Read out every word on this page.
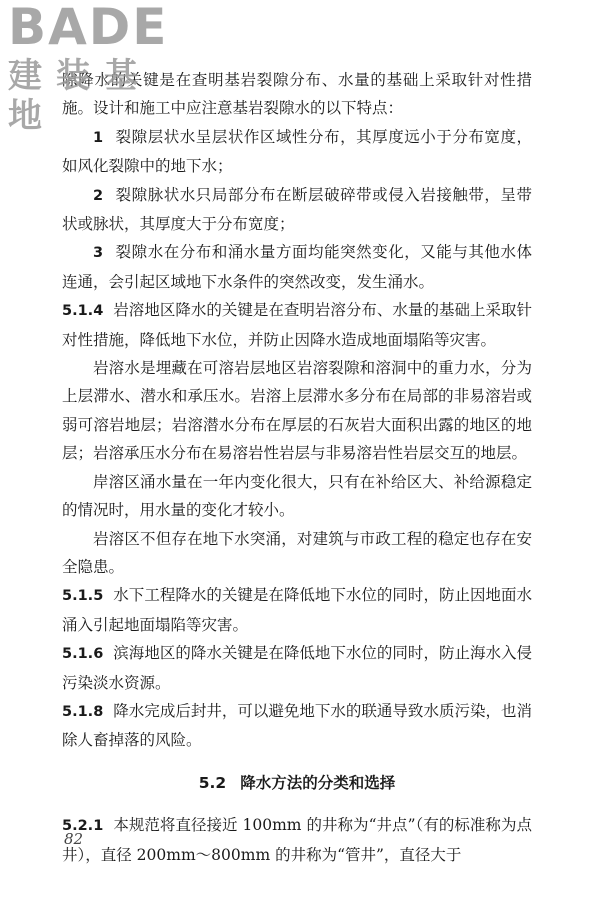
BADE
建装基地

隙降水的关键是在查明基岩裂隙分布、水量的基础上采取针对性措施。设计和施工中应注意基岩裂隙水的以下特点：

1 裂隙层状水呈层状作区域性分布，其厚度远小于分布宽度，如风化裂隙中的地下水；

2 裂隙脉状水只局部分布在断层破碎带或侵入岩接触带，呈带状或脉状，其厚度大于分布宽度；

3 裂隙水在分布和涌水量方面均能突然变化，又能与其他水体连通，会引起区域地下水条件的突然改变，发生涌水。

5.1.4 岩溶地区降水的关键是在查明岩溶分布、水量的基础上采取针对性措施，降低地下水位，并防止因降水造成地面塌陷等灾害。

岩溶水是埋藏在可溶岩层地区岩溶裂隙和溶洞中的重力水，分为上层滞水、潜水和承压水。岩溶上层滞水多分布在局部的非易溶岩或弱可溶岩地层；岩溶潜水分布在厚层的石灰岩大面积出露的地区的地层；岩溶承压水分布在易溶岩性岩层与非易溶岩性岩层交互的地层。

岸溶区涌水量在一年内变化很大，只有在补给区大、补给源稳定的情况时，用水量的变化才较小。

岩溶区不但存在地下水突涌，对建筑与市政工程的稳定也存在安全隐患。

5.1.5 水下工程降水的关键是在降低地下水位的同时，防止因地面水涌入引起地面塌陷等灾害。

5.1.6 滨海地区的降水关键是在降低地下水位的同时，防止海水入侵污染淡水资源。

5.1.8 降水完成后封井，可以避免地下水的联通导致水质污染，也消除人畜掉落的风险。

5.2 降水方法的分类和选择

5.2.1 本规范将直径接近 100mm 的井称为“井点”（有的标准称为点井），直径 200mm～800mm 的井称为“管井”，直径大于

82
